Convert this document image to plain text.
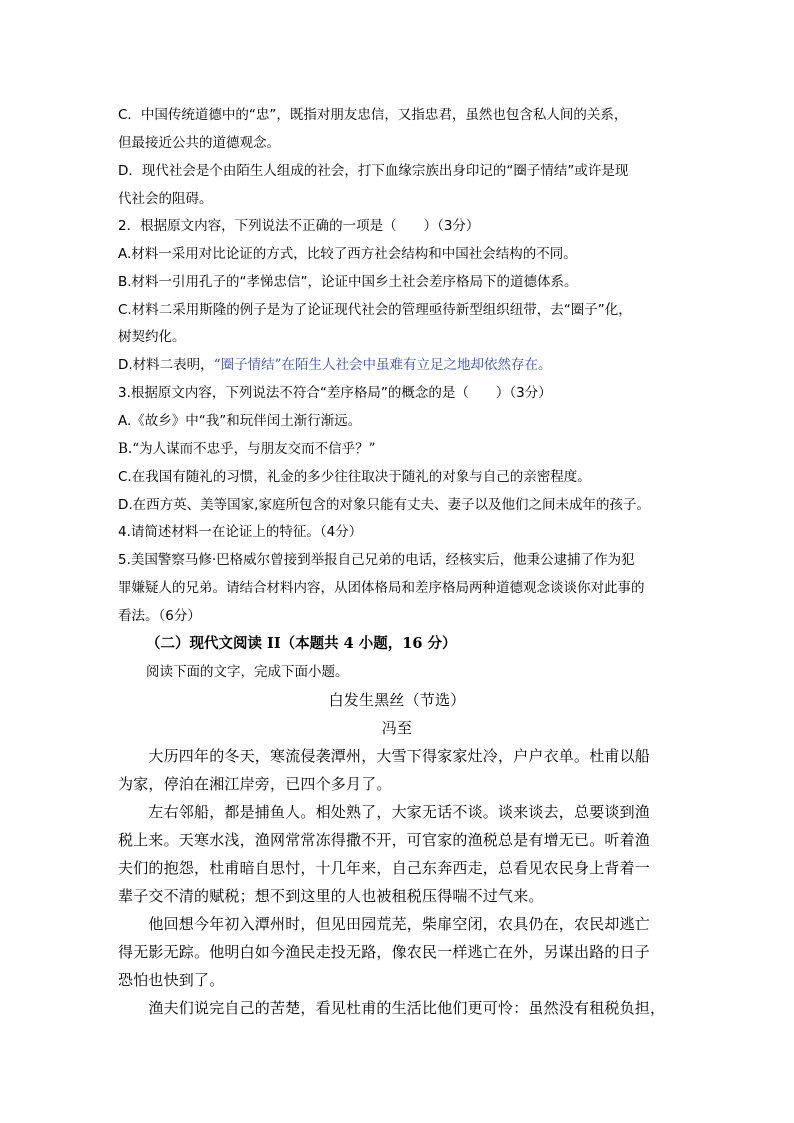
C．中国传统道德中的“忠”，既指对朋友忠信，又指忠君，虽然也包含私人间的关系，
但最接近公共的道德观念。
D．现代社会是个由陌生人组成的社会，打下血缘宗族出身印记的“圈子情结”或许是现
代社会的阻碍。
2．根据原文内容，下列说法不正确的一项是（　　）（3分）
A.材料一采用对比论证的方式，比较了西方社会结构和中国社会结构的不同。
B.材料一引用孔子的“孝悌忠信”，论证中国乡土社会差序格局下的道德体系。
C.材料二采用斯隆的例子是为了论证现代社会的管理亟待新型组织纽带，去“圈子”化，
树契约化。
D.材料二表明，“圈子情结”在陌生人社会中虽难有立足之地却依然存在。
3.根据原文内容，下列说法不符合“差序格局”的概念的是（　　）（3分）
A.《故乡》中“我”和玩伴闰土渐行渐远。
B.“为人谋而不忠乎，与朋友交而不信乎？”
C.在我国有随礼的习惯，礼金的多少往往取决于随礼的对象与自己的亲密程度。
D.在西方英、美等国家,家庭所包含的对象只能有丈夫、妻子以及他们之间未成年的孩子。
4.请简述材料一在论证上的特征。（4分）
5.美国警察马修·巴格威尔曾接到举报自己兄弟的电话，经核实后，他秉公逮捕了作为犯
罪嫌疑人的兄弟。请结合材料内容，从团体格局和差序格局两种道德观念谈谈你对此事的
看法。（6分）
（二）现代文阅读 II（本题共 4 小题，16 分）
阅读下面的文字，完成下面小题。
白发生黑丝（节选）
冯至
　　大历四年的冬天，寒流侵袭潭州，大雪下得家家灶冷，户户衣单。杜甫以船
为家，停泊在湘江岸旁，已四个多月了。
　　左右邻船，都是捕鱼人。相处熟了，大家无话不谈。谈来谈去，总要谈到渔
税上来。天寒水浅，渔网常常冻得撒不开，可官家的渔税总是有增无已。听着渔
夫们的抱怨，杜甫暗自思忖，十几年来，自己东奔西走，总看见农民身上背着一
辈子交不清的赋税；想不到这里的人也被租税压得喘不过气来。
　　他回想今年初入潭州时，但见田园荒芜，柴扉空闭，农具仍在，农民却逃亡
得无影无踪。他明白如今渔民走投无路，像农民一样逃亡在外，另谋出路的日子
恐怕也快到了。
　　渔夫们说完自己的苦楚，看见杜甫的生活比他们更可怜：虽然没有租税负担，
